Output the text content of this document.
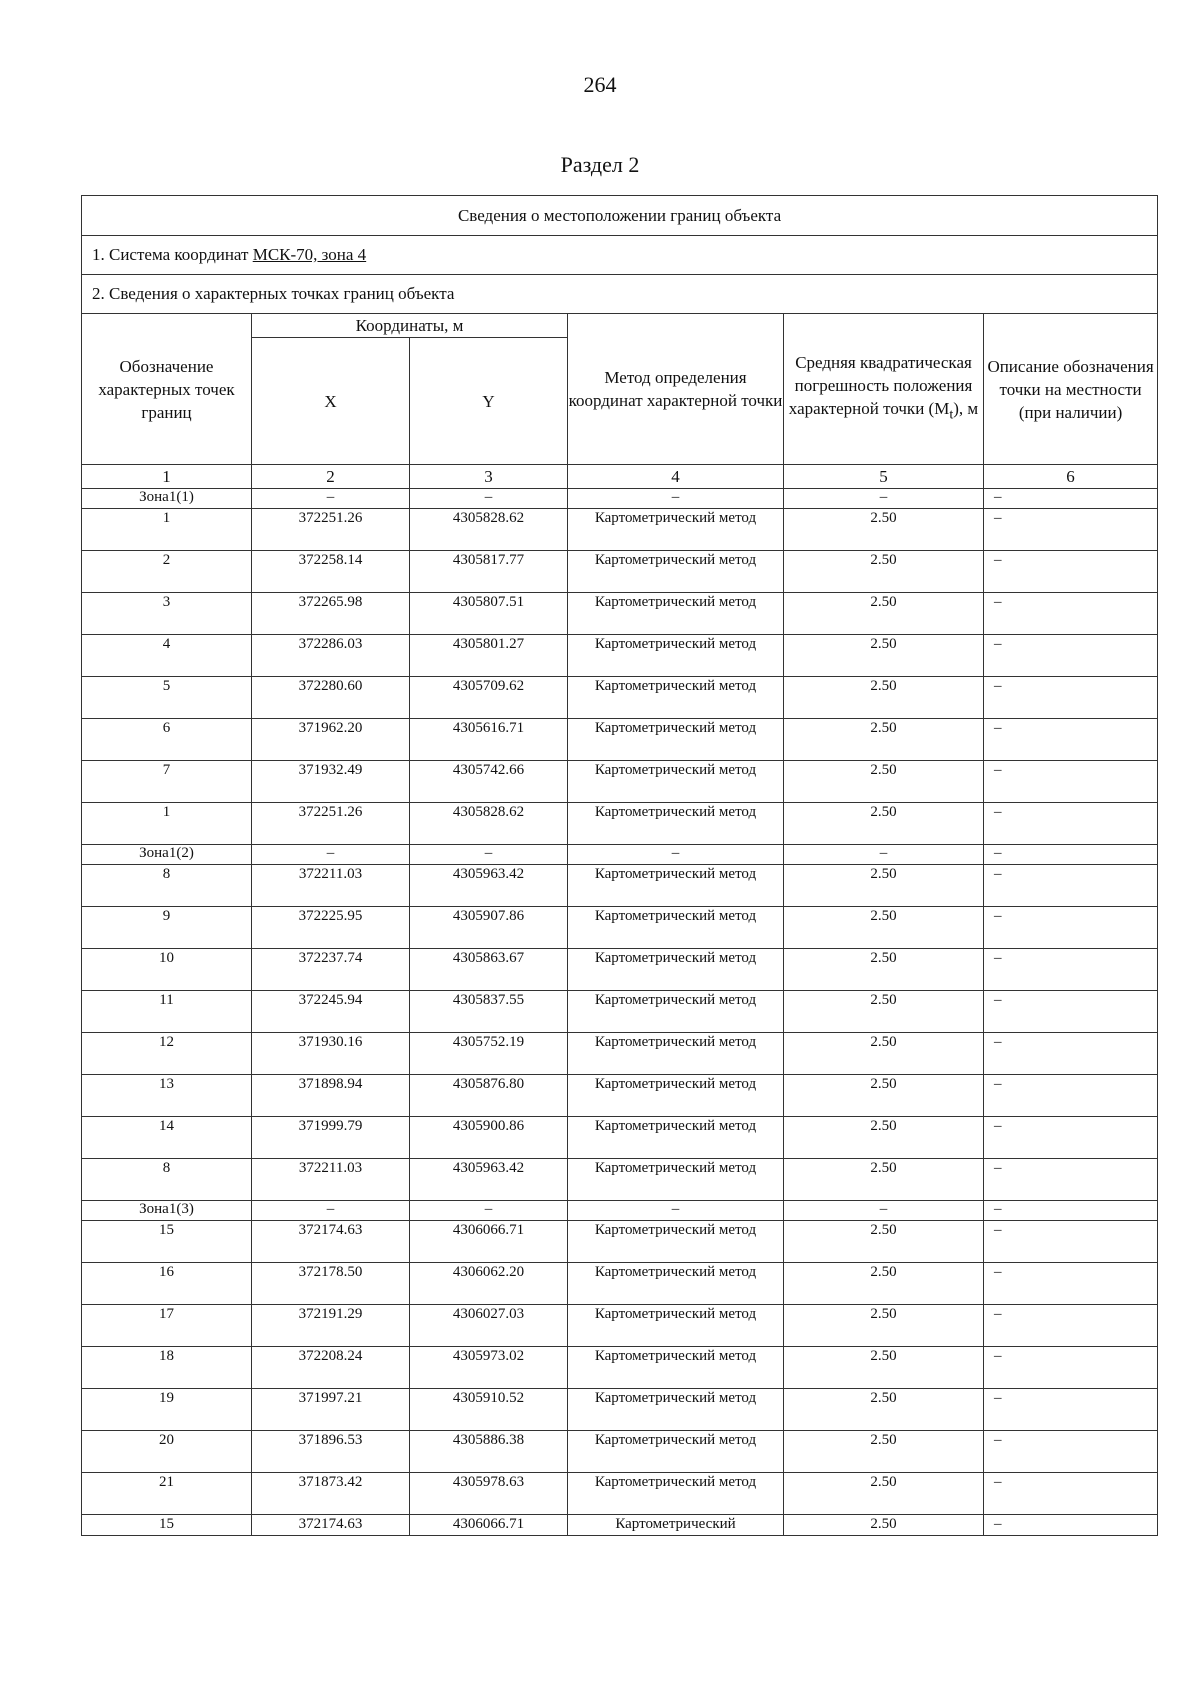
264
Раздел 2
Сведения о местоположении границ объекта					
1. Система координат МСК-70, зона 4					
2. Сведения о характерных точках границ объекта					
Обозначение характерных точек границ	Координаты, м		Метод определения координат характерной точки	Средняя квадратическая погрешность положения характерной точки $(M_t)$, м	Описание обозначения точки на местности (при наличии)
	X	Y			
1	2	3	4	5	6
Зона1(1)	–	–	–	–	–
1	372251.26	4305828.62	Картометрический метод	2.50	–
2	372258.14	4305817.77	Картометрический метод	2.50	–
3	372265.98	4305807.51	Картометрический метод	2.50	–
4	372286.03	4305801.27	Картометрический метод	2.50	–
5	372280.60	4305709.62	Картометрический метод	2.50	–
6	371962.20	4305616.71	Картометрический метод	2.50	–
7	371932.49	4305742.66	Картометрический метод	2.50	–
1	372251.26	4305828.62	Картометрический метод	2.50	–
Зона1(2)	–	–	–	–	–
8	372211.03	4305963.42	Картометрический метод	2.50	–
9	372225.95	4305907.86	Картометрический метод	2.50	–
10	372237.74	4305863.67	Картометрический метод	2.50	–
11	372245.94	4305837.55	Картометрический метод	2.50	–
12	371930.16	4305752.19	Картометрический метод	2.50	–
13	371898.94	4305876.80	Картометрический метод	2.50	–
14	371999.79	4305900.86	Картометрический метод	2.50	–
8	372211.03	4305963.42	Картометрический метод	2.50	–
Зона1(3)	–	–	–	–	–
15	372174.63	4306066.71	Картометрический метод	2.50	–
16	372178.50	4306062.20	Картометрический метод	2.50	–
17	372191.29	4306027.03	Картометрический метод	2.50	–
18	372208.24	4305973.02	Картометрический метод	2.50	–
19	371997.21	4305910.52	Картометрический метод	2.50	–
20	371896.53	4305886.38	Картометрический метод	2.50	–
21	371873.42	4305978.63	Картометрический метод	2.50	–
15	372174.63	4306066.71	Картометрический	2.50	–
